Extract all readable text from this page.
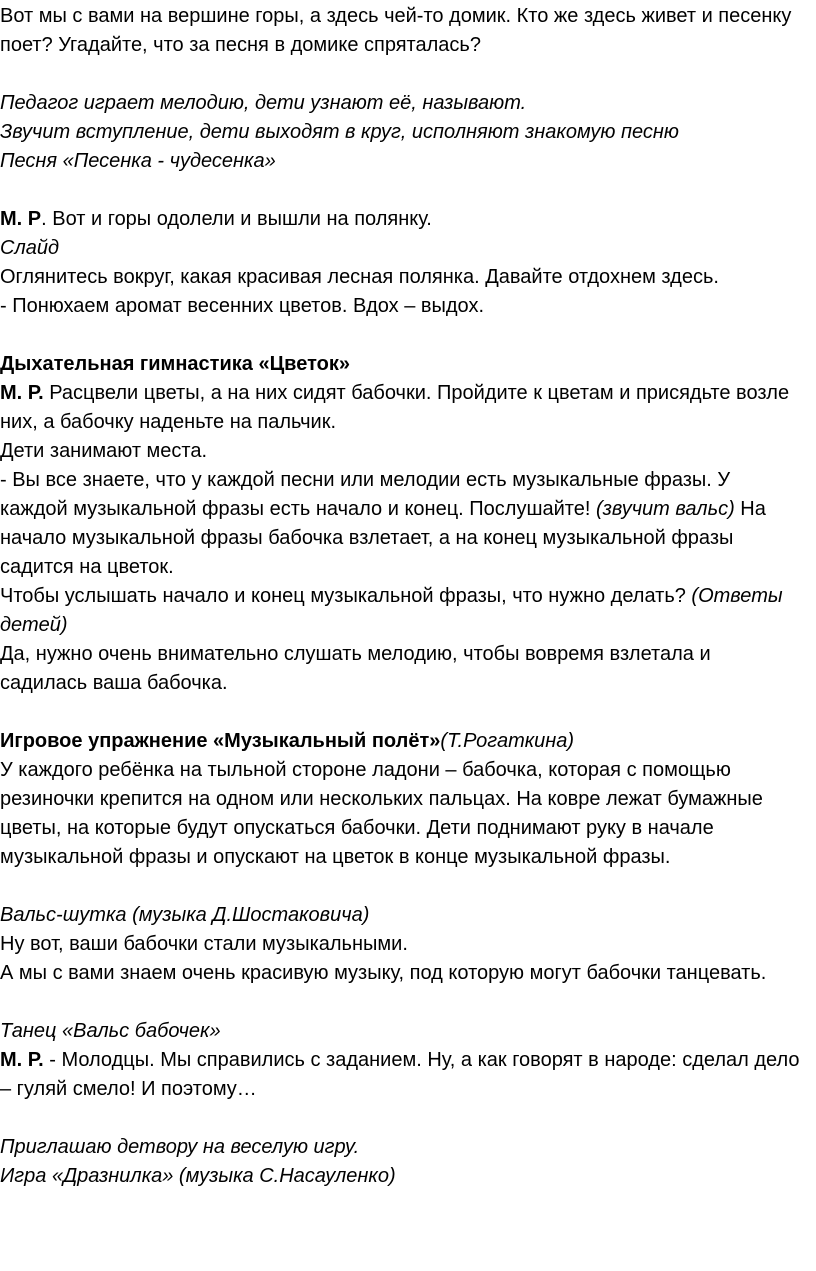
Вот мы с вами на вершине горы, а здесь чей-то домик. Кто же здесь живет и песенку поет? Угадайте, что за песня в домике спряталась?

Педагог играет мелодию, дети узнают её, называют.

Звучит вступление, дети выходят в круг, исполняют знакомую песню

Песня «Песенка - чудесенка»

М. Р. Вот и горы одолели и вышли на полянку.

Слайд

Оглянитесь вокруг, какая красивая лесная полянка. Давайте отдохнем здесь.

- Понюхаем аромат весенних цветов. Вдох – выдох.

Дыхательная гимнастика «Цветок»

М. Р. Расцвели цветы, а на них сидят бабочки. Пройдите к цветам и присядьте возле них, а бабочку наденьте на пальчик.

Дети занимают места.

- Вы все знаете, что у каждой песни или мелодии есть музыкальные фразы. У каждой музыкальной фразы есть начало и конец. Послушайте! (звучит вальс) На начало музыкальной фразы бабочка взлетает, а на конец музыкальной фразы садится на цветок.

Чтобы услышать начало и конец музыкальной фразы, что нужно делать? (Ответы детей)

Да, нужно очень внимательно слушать мелодию, чтобы вовремя взлетала и садилась ваша бабочка.

Игровое упражнение «Музыкальный полёт»(Т.Рогаткина)

У каждого ребёнка на тыльной стороне ладони – бабочка, которая с помощью резиночки крепится на одном или нескольких пальцах. На ковре лежат бумажные цветы, на которые будут опускаться бабочки. Дети поднимают руку в начале музыкальной фразы и опускают на цветок в конце музыкальной фразы.

Вальс-шутка (музыка Д.Шостаковича)

Ну вот, ваши бабочки стали музыкальными.

А мы с вами знаем очень красивую музыку, под которую могут бабочки танцевать.

Танец «Вальс бабочек»

М. Р. - Молодцы. Мы справились с заданием. Ну, а как говорят в народе: сделал дело – гуляй смело! И поэтому…

Приглашаю детвору на веселую игру.

Игра «Дразнилка» (музыка С.Насауленко)
